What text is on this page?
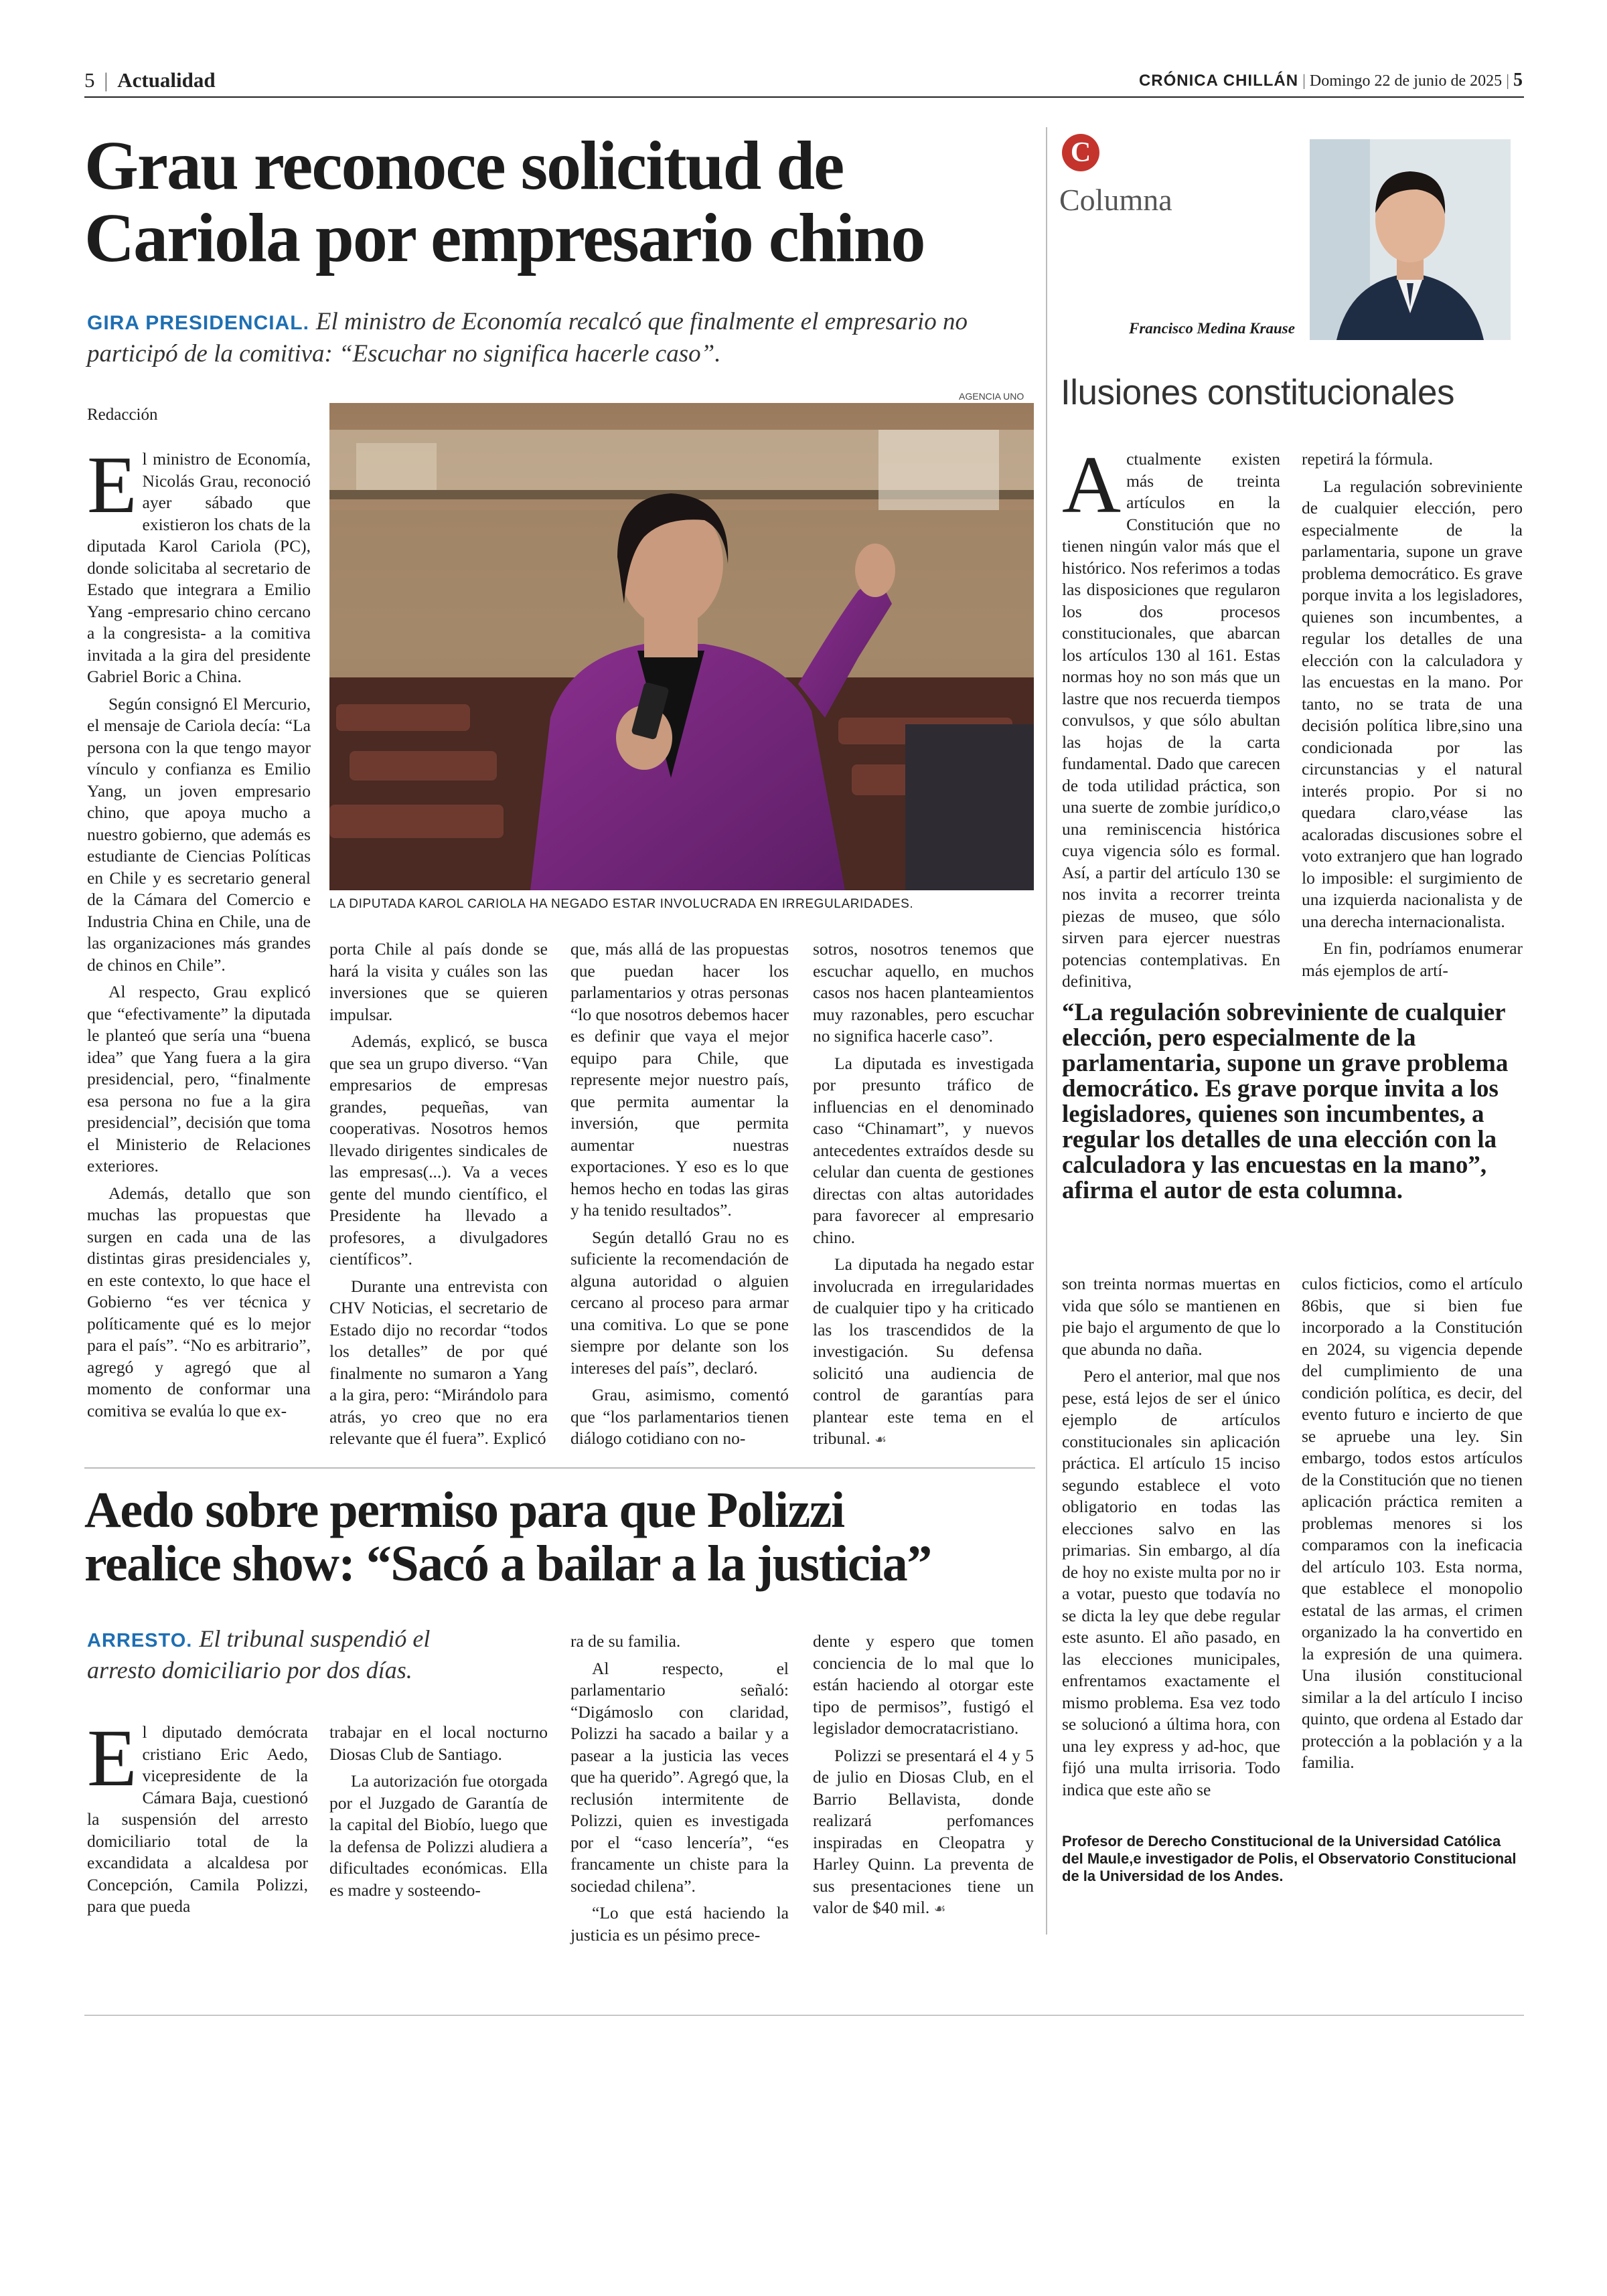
5 | Actualidad	CRÓNICA CHILLÁN | Domingo 22 de junio de 2025 | 5
Grau reconoce solicitud de
Cariola por empresario chino
GIRA PRESIDENCIAL. El ministro de Economía recalcó que finalmente el empresario no participó de la comitiva: “Escuchar no significa hacerle caso”.
Redacción
AGENCIA UNO
LA DIPUTADA KAROL CARIOLA HA NEGADO ESTAR INVOLUCRADA EN IRREGULARIDADES.

El ministro de Economía, Nicolás Grau, reconoció ayer sábado que existieron los chats de la diputada Karol Cariola (PC), donde solicitaba al secretario de Estado que integrara a Emilio Yang -empresario chino cercano a la congresista- a la comitiva invitada a la gira del presidente Gabriel Boric a China.

Según consignó El Mercurio, el mensaje de Cariola decía: “La persona con la que tengo mayor vínculo y confianza es Emilio Yang, un joven empresario chino, que apoya mucho a nuestro gobierno, que además es estudiante de Ciencias Políticas en Chile y es secretario general de la Cámara del Comercio e Industria China en Chile, una de las organizaciones más grandes de chinos en Chile”.

Al respecto, Grau explicó que “efectivamente” la diputada le planteó que sería una “buena idea” que Yang fuera a la gira presidencial, pero, “finalmente esa persona no fue a la gira presidencial”, decisión que toma el Ministerio de Relaciones exteriores.

Además, detallo que son muchas las propuestas que surgen en cada una de las distintas giras presidenciales y, en este contexto, lo que hace el Gobierno “es ver técnica y políticamente qué es lo mejor para el país”. “No es arbitrario”, agregó y agregó que al momento de conformar una comitiva se evalúa lo que ex-

porta Chile al país donde se hará la visita y cuáles son las inversiones que se quieren impulsar.

Además, explicó, se busca que sea un grupo diverso. “Van empresarios de empresas grandes, pequeñas, van cooperativas. Nosotros hemos llevado dirigentes sindicales de las empresas(...). Va a veces gente del mundo científico, el Presidente ha llevado a profesores, a divulgadores científicos”.

Durante una entrevista con CHV Noticias, el secretario de Estado dijo no recordar “todos los detalles” de por qué finalmente no sumaron a Yang a la gira, pero: “Mirándolo para atrás, yo creo que no era relevante que él fuera”. Explicó

que, más allá de las propuestas que puedan hacer los parlamentarios y otras personas “lo que nosotros debemos hacer es definir que vaya el mejor equipo para Chile, que represente mejor nuestro país, que permita aumentar la inversión, que permita aumentar nuestras exportaciones. Y eso es lo que hemos hecho en todas las giras y ha tenido resultados”.

Según detalló Grau no es suficiente la recomendación de alguna autoridad o alguien cercano al proceso para armar una comitiva. Lo que se pone siempre por delante son los intereses del país”, declaró.

Grau, asimismo, comentó que “los parlamentarios tienen diálogo cotidiano con no-

sotros, nosotros tenemos que escuchar aquello, en muchos casos nos hacen planteamientos muy razonables, pero escuchar no significa hacerle caso”.

La diputada es investigada por presunto tráfico de influencias en el denominado caso “Chinamart”, y nuevos antecedentes extraídos desde su celular dan cuenta de gestiones directas con altas autoridades para favorecer al empresario chino.

La diputada ha negado estar involucrada en irregularidades de cualquier tipo y ha criticado las los trascendidos de la investigación. Su defensa solicitó una audiencia de control de garantías para plantear este tema en el tribunal. ☙

Aedo sobre permiso para que Polizzi
realice show: “Sacó a bailar a la justicia”
ARRESTO. El tribunal suspendió el arresto domiciliario por dos días.

El diputado demócrata cristiano Eric Aedo, vicepresidente de la Cámara Baja, cuestionó la suspensión del arresto domiciliario total de la excandidata a alcaldesa por Concepción, Camila Polizzi, para que pueda

trabajar en el local nocturno Diosas Club de Santiago.

La autorización fue otorgada por el Juzgado de Garantía de la capital del Biobío, luego que la defensa de Polizzi aludiera a dificultades económicas. Ella es madre y sosteendo-

ra de su familia.

Al respecto, el parlamentario señaló: “Digámoslo con claridad, Polizzi ha sacado a bailar y a pasear a la justicia las veces que ha querido”. Agregó que, la reclusión intermitente de Polizzi, quien es investigada por el “caso lencería”, “es francamente un chiste para la sociedad chilena”.

“Lo que está haciendo la justicia es un pésimo prece-

dente y espero que tomen conciencia de lo mal que lo están haciendo al otorgar este tipo de permisos”, fustigó el legislador democratacristiano.

Polizzi se presentará el 4 y 5 de julio en Diosas Club, en el Barrio Bellavista, donde realizará perfomances inspiradas en Cleopatra y Harley Quinn. La preventa de sus presentaciones tiene un valor de $40 mil. ☙

C
Columna
Francisco Medina Krause
Ilusiones constitucionales

Actualmente existen más de treinta artículos en la Constitución que no tienen ningún valor más que el histórico. Nos referimos a todas las disposiciones que regularon los dos procesos constitucionales, que abarcan los artículos 130 al 161. Estas normas hoy no son más que un lastre que nos recuerda tiempos convulsos, y que sólo abultan las hojas de la carta fundamental. Dado que carecen de toda utilidad práctica, son una suerte de zombie jurídico,o una reminiscencia histórica cuya vigencia sólo es formal. Así, a partir del artículo 130 se nos invita a recorrer treinta piezas de museo, que sólo sirven para ejercer nuestras potencias contemplativas. En definitiva,

repetirá la fórmula.

La regulación sobreviniente de cualquier elección, pero especialmente de la parlamentaria, supone un grave problema democrático. Es grave porque invita a los legisladores, quienes son incumbentes, a regular los detalles de una elección con la calculadora y las encuestas en la mano. Por tanto, no se trata de una decisión política libre,sino una condicionada por las circunstancias y el natural interés propio. Por si no quedara claro,véase las acaloradas discusiones sobre el voto extranjero que han logrado lo imposible: el surgimiento de una izquierda nacionalista y de una derecha internacionalista.

En fin, podríamos enumerar más ejemplos de artí-

“La regulación sobreviniente de cualquier elección, pero especialmente de la parlamentaria, supone un grave problema democrático. Es grave porque invita a los legisladores, quienes son incumbentes, a regular los detalles de una elección con la calculadora y las encuestas en la mano”, afirma el autor de esta columna.

son treinta normas muertas en vida que sólo se mantienen en pie bajo el argumento de que lo que abunda no daña.

Pero el anterior, mal que nos pese, está lejos de ser el único ejemplo de artículos constitucionales sin aplicación práctica. El artículo 15 inciso segundo establece el voto obligatorio en todas las elecciones salvo en las primarias. Sin embargo, al día de hoy no existe multa por no ir a votar, puesto que todavía no se dicta la ley que debe regular este asunto. El año pasado, en las elecciones municipales, enfrentamos exactamente el mismo problema. Esa vez todo se solucionó a última hora, con una ley express y ad-hoc, que fijó una multa irrisoria. Todo indica que este año se

culos ficticios, como el artículo 86bis, que si bien fue incorporado a la Constitución en 2024, su vigencia depende del cumplimiento de una condición política, es decir, del evento futuro e incierto de que se apruebe una ley. Sin embargo, todos estos artículos de la Constitución que no tienen aplicación práctica remiten a problemas menores si los comparamos con la ineficacia del artículo 103. Esta norma, que establece el monopolio estatal de las armas, el crimen organizado la ha convertido en la expresión de una quimera. Una ilusión constitucional similar a la del artículo I inciso quinto, que ordena al Estado dar protección a la población y a la familia.

Profesor de Derecho Constitucional de la Universidad Católica del Maule,e investigador de Polis, el Observatorio Constitucional de la Universidad de los Andes.
